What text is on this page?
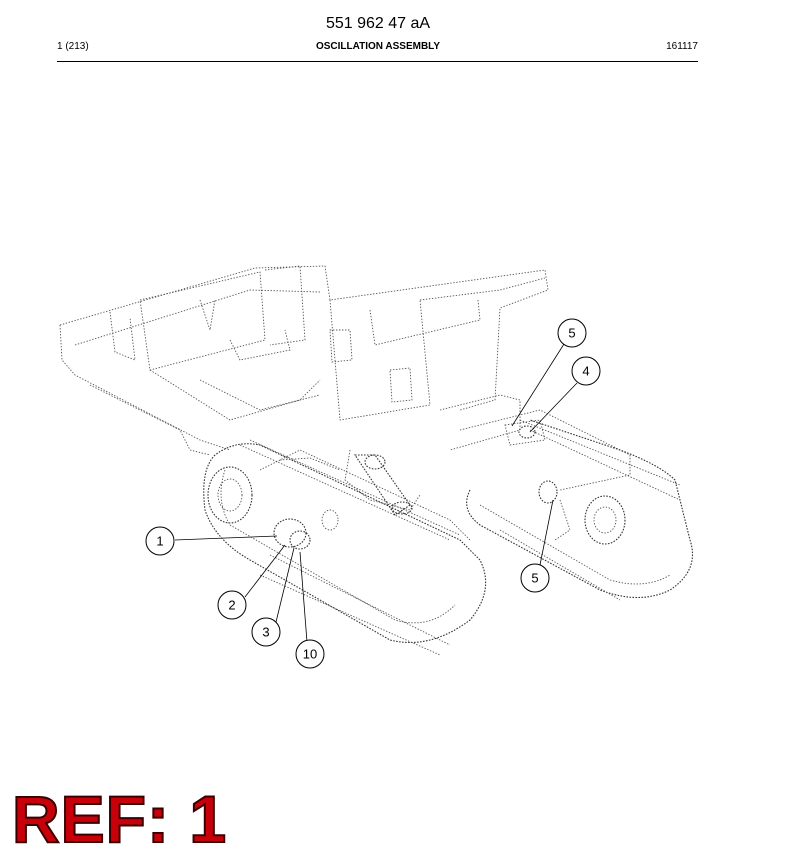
551 962 47 aA
1 (213)	OSCILLATION ASSEMBLY	161117
1
2
3
10
5
4
5
REF: 1
